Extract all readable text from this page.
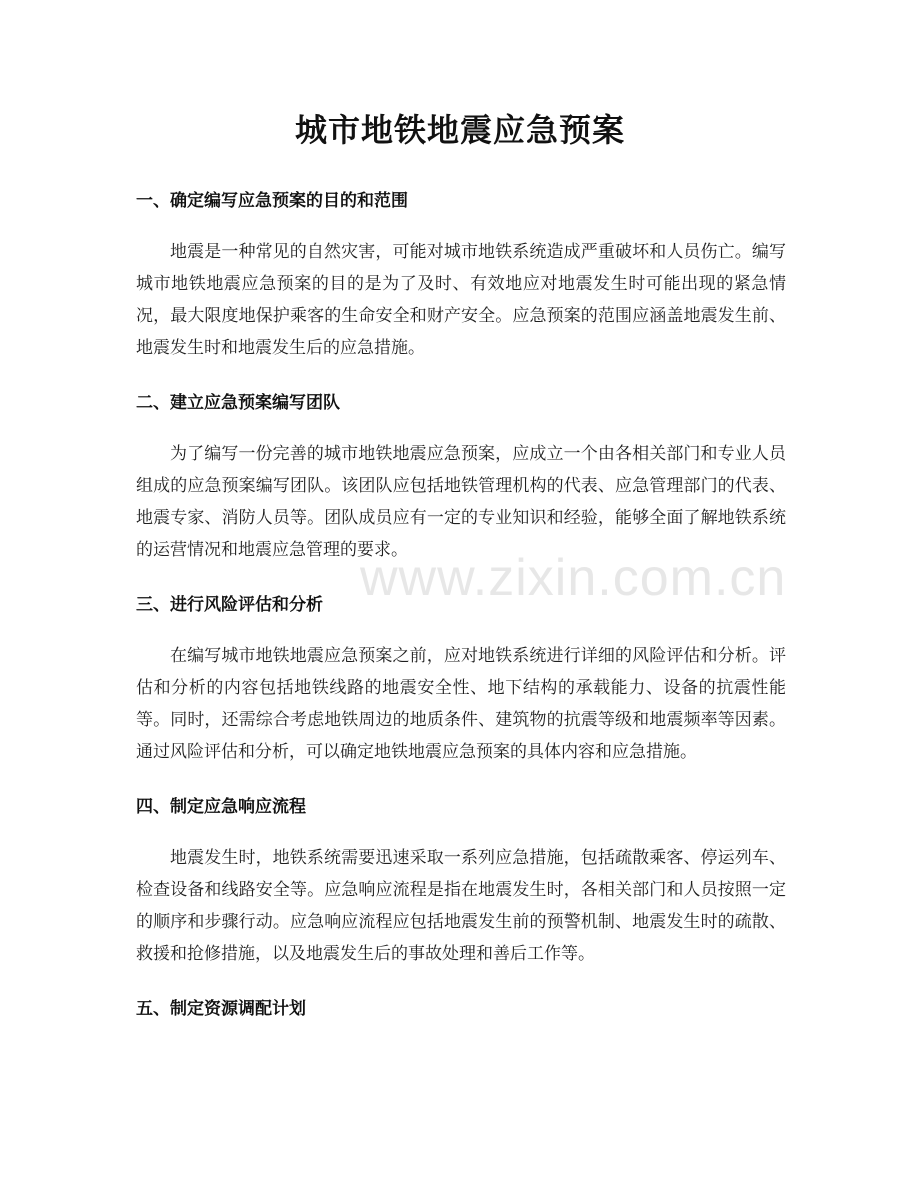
城市地铁地震应急预案
一、确定编写应急预案的目的和范围

地震是一种常见的自然灾害，可能对城市地铁系统造成严重破坏和人员伤亡。编写城市地铁地震应急预案的目的是为了及时、有效地应对地震发生时可能出现的紧急情况，最大限度地保护乘客的生命安全和财产安全。应急预案的范围应涵盖地震发生前、地震发生时和地震发生后的应急措施。

二、建立应急预案编写团队

为了编写一份完善的城市地铁地震应急预案，应成立一个由各相关部门和专业人员组成的应急预案编写团队。该团队应包括地铁管理机构的代表、应急管理部门的代表、地震专家、消防人员等。团队成员应有一定的专业知识和经验，能够全面了解地铁系统的运营情况和地震应急管理的要求。

三、进行风险评估和分析

在编写城市地铁地震应急预案之前，应对地铁系统进行详细的风险评估和分析。评估和分析的内容包括地铁线路的地震安全性、地下结构的承载能力、设备的抗震性能等。同时，还需综合考虑地铁周边的地质条件、建筑物的抗震等级和地震频率等因素。通过风险评估和分析，可以确定地铁地震应急预案的具体内容和应急措施。

四、制定应急响应流程

地震发生时，地铁系统需要迅速采取一系列应急措施，包括疏散乘客、停运列车、检查设备和线路安全等。应急响应流程是指在地震发生时，各相关部门和人员按照一定的顺序和步骤行动。应急响应流程应包括地震发生前的预警机制、地震发生时的疏散、救援和抢修措施，以及地震发生后的事故处理和善后工作等。

五、制定资源调配计划
www.zixin.com.cn
